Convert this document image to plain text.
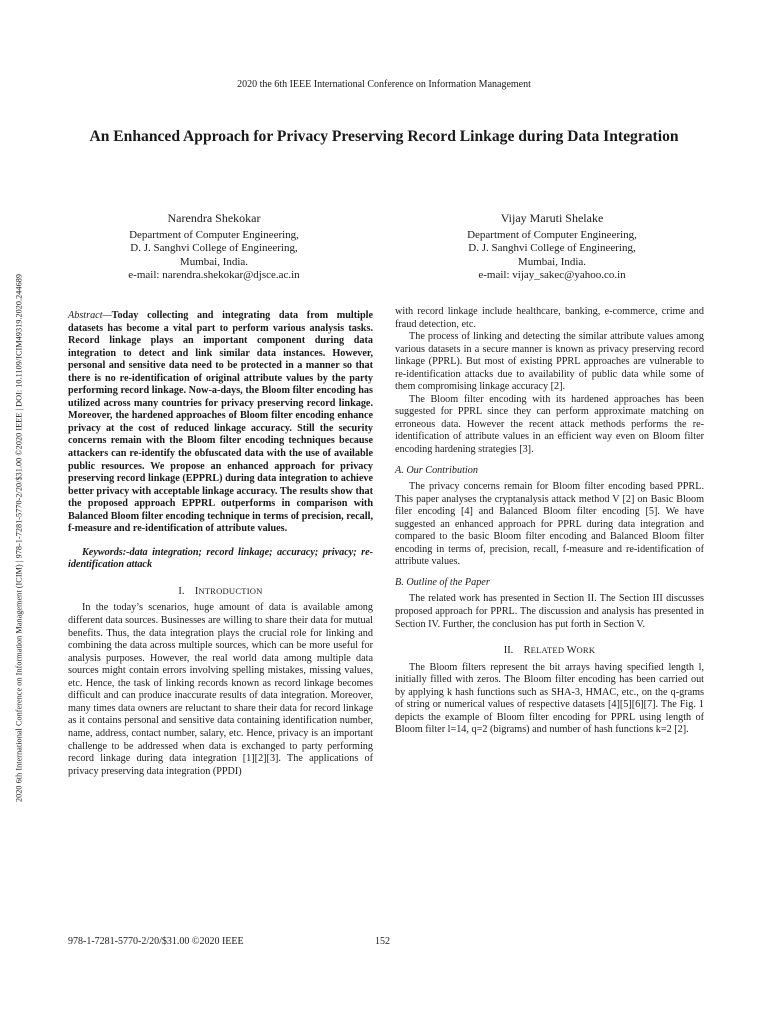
2020 the 6th IEEE International Conference on Information Management
An Enhanced Approach for Privacy Preserving Record Linkage during Data Integration
Narendra Shekokar
Department of Computer Engineering,
D. J. Sanghvi College of Engineering,
Mumbai, India.
e-mail: narendra.shekokar@djsce.ac.in
Vijay Maruti Shelake
Department of Computer Engineering,
D. J. Sanghvi College of Engineering,
Mumbai, India.
e-mail: vijay_sakec@yahoo.co.in

Abstract—Today collecting and integrating data from multiple datasets has become a vital part to perform various analysis tasks. Record linkage plays an important component during data integration to detect and link similar data instances. However, personal and sensitive data need to be protected in a manner so that there is no re-identification of original attribute values by the party performing record linkage. Now-a-days, the Bloom filter encoding has utilized across many countries for privacy preserving record linkage. Moreover, the hardened approaches of Bloom filter encoding enhance privacy at the cost of reduced linkage accuracy. Still the security concerns remain with the Bloom filter encoding techniques because attackers can re-identify the obfuscated data with the use of available public resources. We propose an enhanced approach for privacy preserving record linkage (EPPRL) during data integration to achieve better privacy with acceptable linkage accuracy. The results show that the proposed approach EPPRL outperforms in comparison with Balanced Bloom filter encoding technique in terms of precision, recall, f-measure and re-identification of attribute values.

Keywords:-data integration; record linkage; accuracy; privacy; re-identification attack

I. INTRODUCTION

In the today’s scenarios, huge amount of data is available among different data sources. Businesses are willing to share their data for mutual benefits. Thus, the data integration plays the crucial role for linking and combining the data across multiple sources, which can be more useful for analysis purposes. However, the real world data among multiple data sources might contain errors involving spelling mistakes, missing values, etc. Hence, the task of linking records known as record linkage becomes difficult and can produce inaccurate results of data integration. Moreover, many times data owners are reluctant to share their data for record linkage as it contains personal and sensitive data containing identification number, name, address, contact number, salary, etc. Hence, privacy is an important challenge to be addressed when data is exchanged to party performing record linkage during data integration [1][2][3]. The applications of privacy preserving data integration (PPDI)

with record linkage include healthcare, banking, e-commerce, crime and fraud detection, etc.

The process of linking and detecting the similar attribute values among various datasets in a secure manner is known as privacy preserving record linkage (PPRL). But most of existing PPRL approaches are vulnerable to re-identification attacks due to availability of public data while some of them compromising linkage accuracy [2].

The Bloom filter encoding with its hardened approaches has been suggested for PPRL since they can perform approximate matching on erroneous data. However the recent attack methods performs the re-identification of attribute values in an efficient way even on Bloom filter encoding hardening strategies [3].

A. Our Contribution

The privacy concerns remain for Bloom filter encoding based PPRL. This paper analyses the cryptanalysis attack method V [2] on Basic Bloom filer encoding [4] and Balanced Bloom filter encoding [5]. We have suggested an enhanced approach for PPRL during data integration and compared to the basic Bloom filter encoding and Balanced Bloom filter encoding in terms of, precision, recall, f-measure and re-identification of attribute values.

B. Outline of the Paper

The related work has presented in Section II. The Section III discusses proposed approach for PPRL. The discussion and analysis has presented in Section IV. Further, the conclusion has put forth in Section V.

II. RELATED WORK

The Bloom filters represent the bit arrays having specified length l, initially filled with zeros. The Bloom filter encoding has been carried out by applying k hash functions such as SHA-3, HMAC, etc., on the q-grams of string or numerical values of respective datasets [4][5][6][7]. The Fig. 1 depicts the example of Bloom filter encoding for PPRL using length of Bloom filter l=14, q=2 (bigrams) and number of hash functions k=2 [2].

2020 6th International Conference on Information Management (ICIM) | 978-1-7281-5770-2/20/$31.00 ©2020 IEEE | DOI: 10.1109/ICIM49319.2020.244689
978-1-7281-5770-2/20/$31.00 ©2020 IEEE	152
